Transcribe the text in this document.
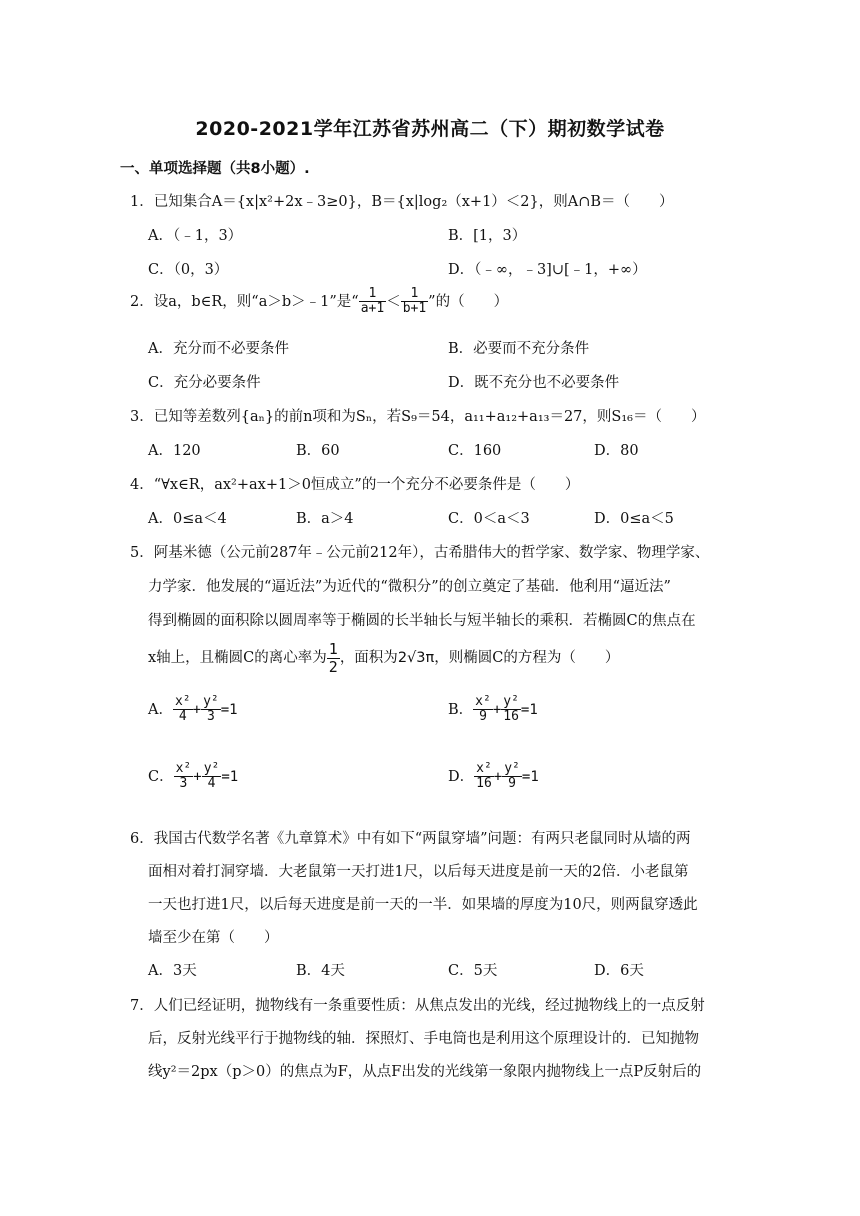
2020-2021学年江苏省苏州高二（下）期初数学试卷
一、单项选择题（共8小题）.
1．已知集合A＝{x|x²+2x﹣3≥0}，B＝{x|log₂（x+1）＜2}，则A∩B＝（　　）
A．（﹣1，3）	B．[1，3）
C．（0，3）	D．（﹣∞，﹣3]∪[﹣1，+∞）
2．设a，b∈R，则“a＞b＞﹣1”是“ $\frac{1}{a+1} < \frac{1}{b+1}$ ”的（　　）
A．充分而不必要条件	B．必要而不充分条件
C．充分必要条件	D．既不充分也不必要条件
3．已知等差数列{aₙ}的前n项和为Sₙ，若S₉＝54，a₁₁+a₁₂+a₁₃＝27，则S₁₆＝（　　）
A．120	B．60	C．160	D．80
4．“∀x∈R，ax²+ax+1＞0恒成立”的一个充分不必要条件是（　　）
A．0≤a＜4	B．a＞4	C．0＜a＜3	D．0≤a＜5
5．阿基米德（公元前287年﹣公元前212年），古希腊伟大的哲学家、数学家、物理学家、
力学家．他发展的“逼近法”为近代的“微积分”的创立奠定了基础．他利用“逼近法”
得到椭圆的面积除以圆周率等于椭圆的长半轴长与短半轴长的乘积．若椭圆C的焦点在
x轴上，且椭圆C的离心率为 $\frac{1}{2}$ ，面积为2√3π，则椭圆C的方程为（　　）
A． $\frac{\text{x²}}{4} + \frac{\text{y²}}{3} =1$	B． $\frac{\text{x²}}{9} + \frac{\text{y²}}{16} =1$
C． $\frac{\text{x²}}{3} + \frac{\text{y²}}{4} =1$	D． $\frac{\text{x²}}{16} + \frac{\text{y²}}{9} =1$
6．我国古代数学名著《九章算术》中有如下“两鼠穿墙”问题：有两只老鼠同时从墙的两
面相对着打洞穿墙．大老鼠第一天打进1尺，以后每天进度是前一天的2倍．小老鼠第
一天也打进1尺，以后每天进度是前一天的一半．如果墙的厚度为10尺，则两鼠穿透此
墙至少在第（　　）
A．3天	B．4天	C．5天	D．6天
7．人们已经证明，抛物线有一条重要性质：从焦点发出的光线，经过抛物线上的一点反射
后，反射光线平行于抛物线的轴．探照灯、手电筒也是利用这个原理设计的．已知抛物
线y²＝2px（p＞0）的焦点为F，从点F出发的光线第一象限内抛物线上一点P反射后的
